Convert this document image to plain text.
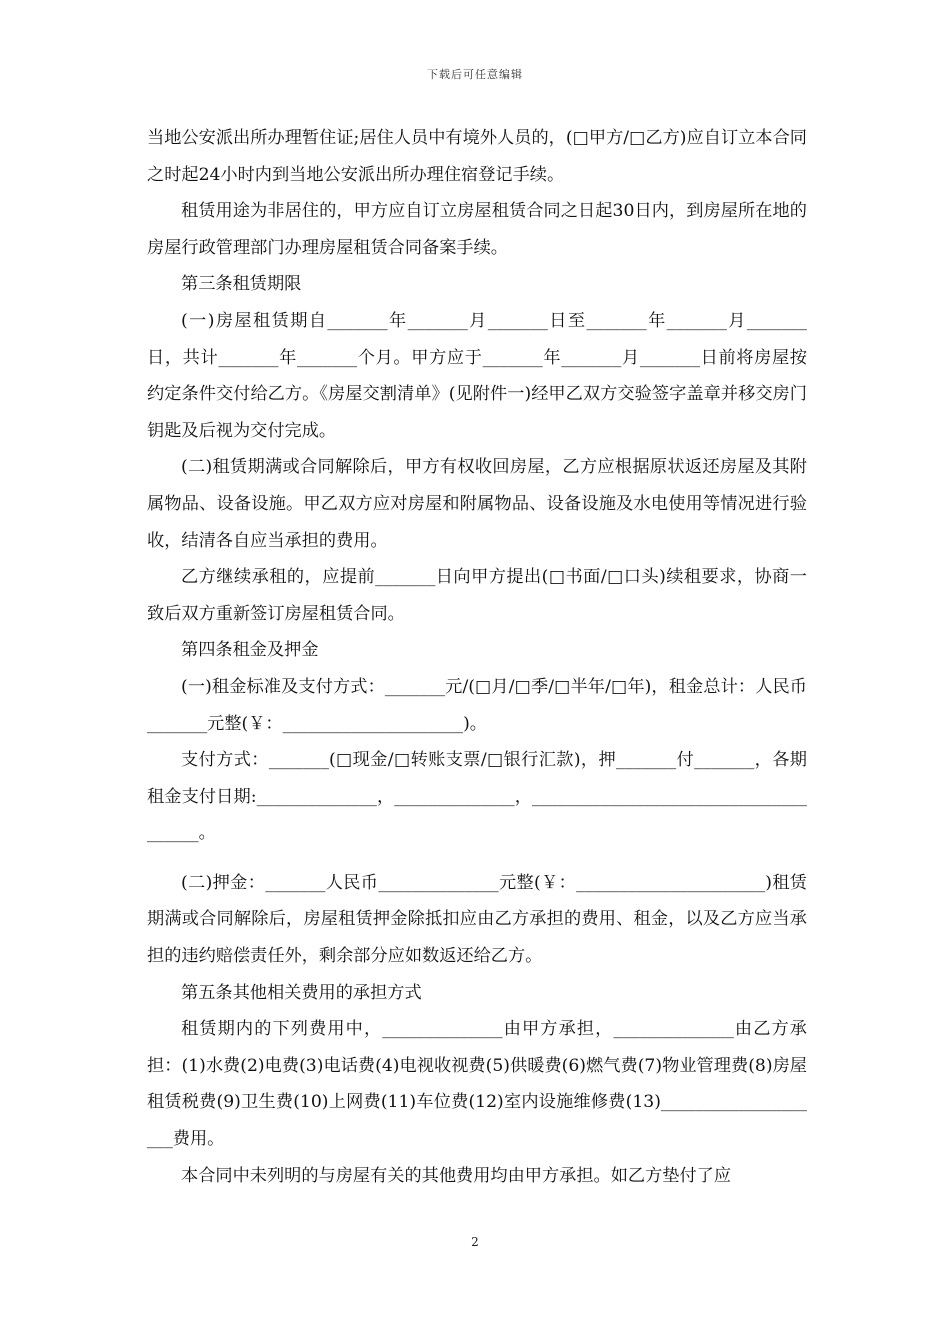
下载后可任意编辑

当地公安派出所办理暂住证;居住人员中有境外人员的，(□甲方/□乙方)应自订立本合同之时起24小时内到当地公安派出所办理住宿登记手续。

租赁用途为非居住的，甲方应自订立房屋租赁合同之日起30日内，到房屋所在地的房屋行政管理部门办理房屋租赁合同备案手续。

第三条租赁期限

(一)房屋租赁期自_______年_______月_______日至_______年_______月_______日，共计_______年_______个月。甲方应于_______年_______月_______日前将房屋按约定条件交付给乙方。《房屋交割清单》(见附件一)经甲乙双方交验签字盖章并移交房门钥匙及后视为交付完成。

(二)租赁期满或合同解除后，甲方有权收回房屋，乙方应根据原状返还房屋及其附属物品、设备设施。甲乙双方应对房屋和附属物品、设备设施及水电使用等情况进行验收，结清各自应当承担的费用。

乙方继续承租的，应提前_______日向甲方提出(□书面/□口头)续租要求，协商一致后双方重新签订房屋租赁合同。

第四条租金及押金

(一)租金标准及支付方式：_______元/(□月/□季/□半年/□年)，租金总计：人民币_______元整(￥：_____________________)。

支付方式：_______(□现金/□转账支票/□银行汇款)，押_______付_______，各期租金支付日期:______________，______________，______________________________________。

(二)押金：_______人民币______________元整(￥：______________________)租赁期满或合同解除后，房屋租赁押金除抵扣应由乙方承担的费用、租金，以及乙方应当承担的违约赔偿责任外，剩余部分应如数返还给乙方。

第五条其他相关费用的承担方式

租赁期内的下列费用中，______________由甲方承担，______________由乙方承担：(1)水费(2)电费(3)电话费(4)电视收视费(5)供暖费(6)燃气费(7)物业管理费(8)房屋租赁税费(9)卫生费(10)上网费(11)车位费(12)室内设施维修费(13)____________________费用。

本合同中未列明的与房屋有关的其他费用均由甲方承担。如乙方垫付了应

2
